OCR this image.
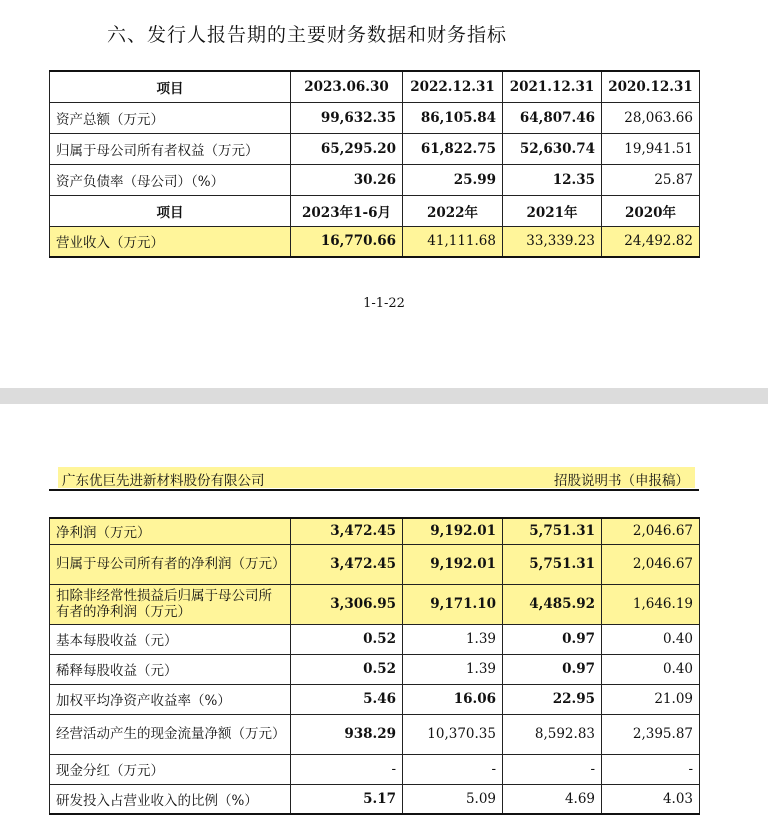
六、发行人报告期的主要财务数据和财务指标
项目	2023.06.30	2022.12.31	2021.12.31	2020.12.31
资产总额（万元）	99,632.35	86,105.84	64,807.46	28,063.66
归属于母公司所有者权益（万元）	65,295.20	61,822.75	52,630.74	19,941.51
资产负债率（母公司）（%）	30.26	25.99	12.35	25.87
项目	2023年1-6月	2022年	2021年	2020年
营业收入（万元）	16,770.66	41,111.68	33,339.23	24,492.82
1-1-22
广东优巨先进新材料股份有限公司	招股说明书（申报稿）
净利润（万元）	3,472.45	9,192.01	5,751.31	2,046.67
归属于母公司所有者的净利润（万元）	3,472.45	9,192.01	5,751.31	2,046.67
扣除非经常性损益后归属于母公司所有者的净利润（万元）	3,306.95	9,171.10	4,485.92	1,646.19
基本每股收益（元）	0.52	1.39	0.97	0.40
稀释每股收益（元）	0.52	1.39	0.97	0.40
加权平均净资产收益率（%）	5.46	16.06	22.95	21.09
经营活动产生的现金流量净额（万元）	938.29	10,370.35	8,592.83	2,395.87
现金分红（万元）	-	-	-	-
研发投入占营业收入的比例（%）	5.17	5.09	4.69	4.03
